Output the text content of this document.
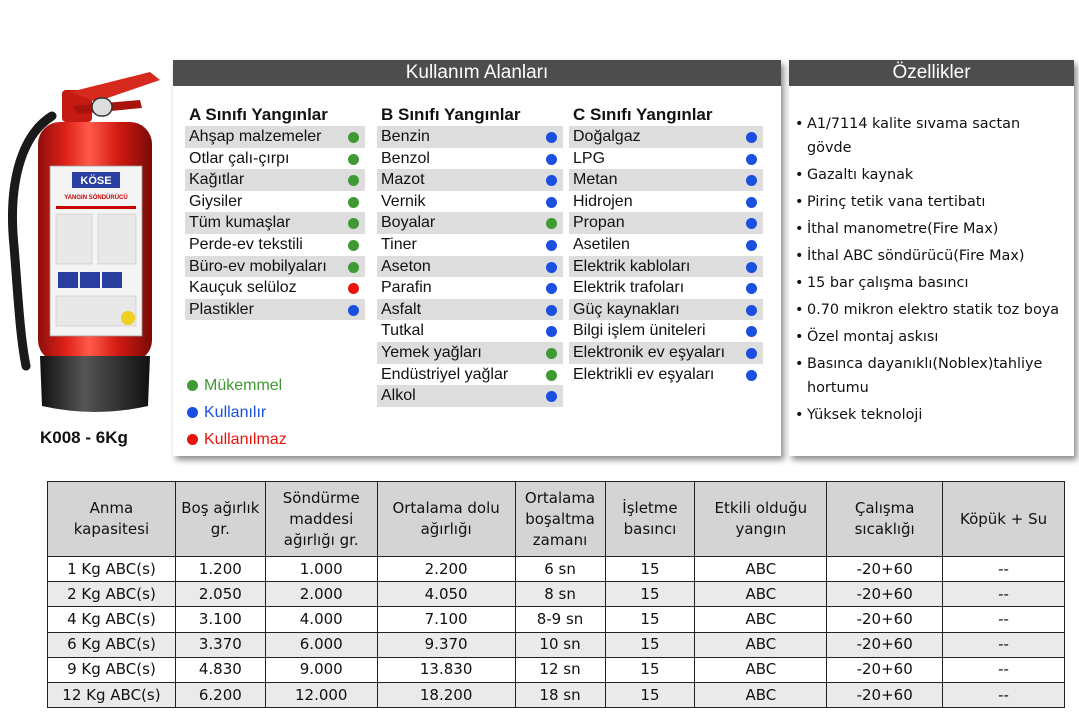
KÖSE
YANGIN SÖNDÜRÜCÜ
K008 - 6Kg
Kullanım Alanları
A Sınıfı Yangınlar
Ahşap malzemeler
Otlar çalı-çırpı
Kağıtlar
Giysiler
Tüm kumaşlar
Perde-ev tekstili
Büro-ev mobilyaları
Kauçuk selüloz
Plastikler
B Sınıfı Yangınlar
Benzin
Benzol
Mazot
Vernik
Boyalar
Tiner
Aseton
Parafin
Asfalt
Tutkal
Yemek yağları
Endüstriyel yağlar
Alkol
C Sınıfı Yangınlar
Doğalgaz
LPG
Metan
Hidrojen
Propan
Asetilen
Elektrik kabloları
Elektrik trafoları
Güç kaynakları
Bilgi işlem üniteleri
Elektronik ev eşyaları
Elektrikli ev eşyaları
Mükemmel
Kullanılır
Kullanılmaz
Özellikler
• A1/7114 kalite sıvama sactan gövde
• Gazaltı kaynak
• Pirinç tetik vana tertibatı
• İthal manometre(Fire Max)
• İthal ABC söndürücü(Fire Max)
• 15 bar çalışma basıncı
• 0.70 mikron elektro statik toz boya
• Özel montaj askısı
• Basınca dayanıklı(Noblex)tahliye hortumu
• Yüksek teknoloji
Anma kapasitesi	Boş ağırlık gr.	Söndürme maddesi ağırlığı gr.	Ortalama dolu ağırlığı	Ortalama boşaltma zamanı	İşletme basıncı	Etkili olduğu yangın	Çalışma sıcaklığı	Köpük + Su
1 Kg ABC(s)	1.200	1.000	2.200	6 sn	15	ABC	-20+60	--
2 Kg ABC(s)	2.050	2.000	4.050	8 sn	15	ABC	-20+60	--
4 Kg ABC(s)	3.100	4.000	7.100	8-9 sn	15	ABC	-20+60	--
6 Kg ABC(s)	3.370	6.000	9.370	10 sn	15	ABC	-20+60	--
9 Kg ABC(s)	4.830	9.000	13.830	12 sn	15	ABC	-20+60	--
12 Kg ABC(s)	6.200	12.000	18.200	18 sn	15	ABC	-20+60	--
